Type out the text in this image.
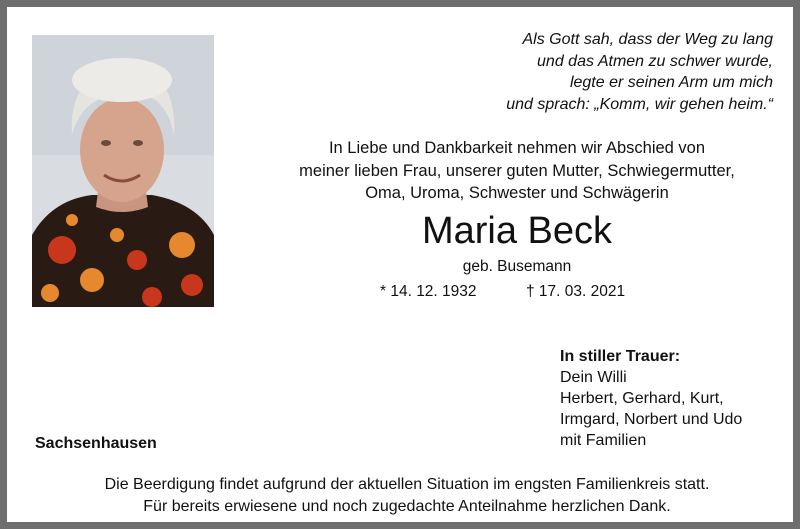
Als Gott sah, dass der Weg zu lang
und das Atmen zu schwer wurde,
legte er seinen Arm um mich
und sprach: „Komm, wir gehen heim.“
In Liebe und Dankbarkeit nehmen wir Abschied von
meiner lieben Frau, unserer guten Mutter, Schwiegermutter,
Oma, Uroma, Schwester und Schwägerin
Maria Beck
geb. Busemann
* 14. 12. 1932	† 17. 03. 2021
In stiller Trauer:
Dein Willi
Herbert, Gerhard, Kurt,
Irmgard, Norbert und Udo
mit Familien
Sachsenhausen
Die Beerdigung findet aufgrund der aktuellen Situation im engsten Familienkreis statt.
Für bereits erwiesene und noch zugedachte Anteilnahme herzlichen Dank.
